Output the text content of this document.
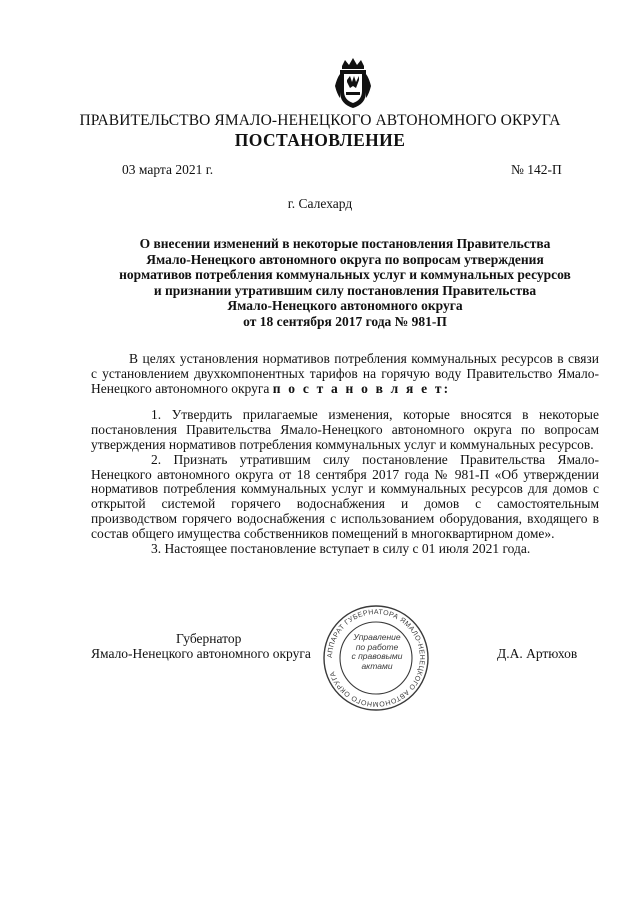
ПРАВИТЕЛЬСТВО ЯМАЛО-НЕНЕЦКОГО АВТОНОМНОГО ОКРУГА
ПОСТАНОВЛЕНИЕ
03 марта 2021 г.	№ 142-П
г. Салехард
О внесении изменений в некоторые постановления Правительства
Ямало-Ненецкого автономного округа по вопросам утверждения
нормативов потребления коммунальных услуг и коммунальных ресурсов
и признании утратившим силу постановления Правительства
Ямало-Ненецкого автономного округа
от 18 сентября 2017 года № 981-П

В целях установления нормативов потребления коммунальных ресурсов в связи с установлением двухкомпонентных тарифов на горячую воду Правительство Ямало-Ненецкого автономного округа п о с т а н о в л я е т:

1. Утвердить прилагаемые изменения, которые вносятся в некоторые постановления Правительства Ямало-Ненецкого автономного округа по вопросам утверждения нормативов потребления коммунальных услуг и коммунальных ресурсов.

2. Признать утратившим силу постановление Правительства Ямало-Ненецкого автономного округа от 18 сентября 2017 года № 981-П «Об утверждении нормативов потребления коммунальных услуг и коммунальных ресурсов для домов с открытой системой горячего водоснабжения и домов с самостоятельным производством горячего водоснабжения с использованием оборудования, входящего в состав общего имущества собственников помещений в многоквартирном доме».

3. Настоящее постановление вступает в силу с 01 июля 2021 года.

АППАРАТ ГУБЕРНАТОРА ЯМАЛО-НЕНЕЦКОГО АВТОНОМНОГО ОКРУГА
Управление
по работе
с правовыми
актами
Губернатор
Ямало-Ненецкого автономного округа	Д.А. Артюхов
